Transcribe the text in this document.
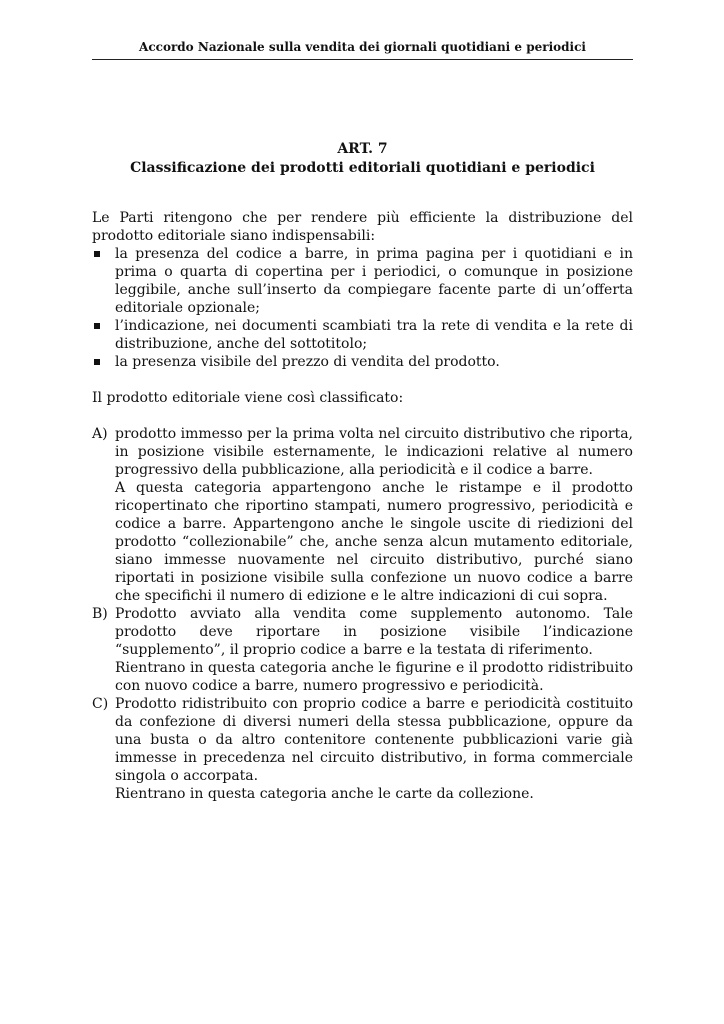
Accordo Nazionale sulla vendita dei giornali quotidiani e periodici
ART. 7
Classificazione dei prodotti editoriali quotidiani e periodici

Le Parti ritengono che per rendere più efficiente la distribuzione del prodotto editoriale siano indispensabili:

la presenza del codice a barre, in prima pagina per i quotidiani e in prima o quarta di copertina per i periodici, o comunque in posizione leggibile, anche sull’inserto da compiegare facente parte di un’offerta editoriale opzionale;
l’indicazione, nei documenti scambiati tra la rete di vendita e la rete di distribuzione, anche del sottotitolo;
la presenza visibile del prezzo di vendita del prodotto.

Il prodotto editoriale viene così classificato:

A) prodotto immesso per la prima volta nel circuito distributivo che riporta, in posizione visibile esternamente, le indicazioni relative al numero progressivo della pubblicazione, alla periodicità e il codice a barre.

A questa categoria appartengono anche le ristampe e il prodotto ricopertinato che riportino stampati, numero progressivo, periodicità e codice a barre. Appartengono anche le singole uscite di riedizioni del prodotto “collezionabile” che, anche senza alcun mutamento editoriale, siano immesse nuovamente nel circuito distributivo, purché siano riportati in posizione visibile sulla confezione un nuovo codice a barre che specifichi il numero di edizione e le altre indicazioni di cui sopra.

B) Prodotto avviato alla vendita come supplemento autonomo. Tale prodotto deve riportare in posizione visibile l’indicazione “supplemento”, il proprio codice a barre e la testata di riferimento.

Rientrano in questa categoria anche le figurine e il prodotto ridistribuito con nuovo codice a barre, numero progressivo e periodicità.

C) Prodotto ridistribuito con proprio codice a barre e periodicità costituito da confezione di diversi numeri della stessa pubblicazione, oppure da una busta o da altro contenitore contenente pubblicazioni varie già immesse in precedenza nel circuito distributivo, in forma commerciale singola o accorpata.

Rientrano in questa categoria anche le carte da collezione.
